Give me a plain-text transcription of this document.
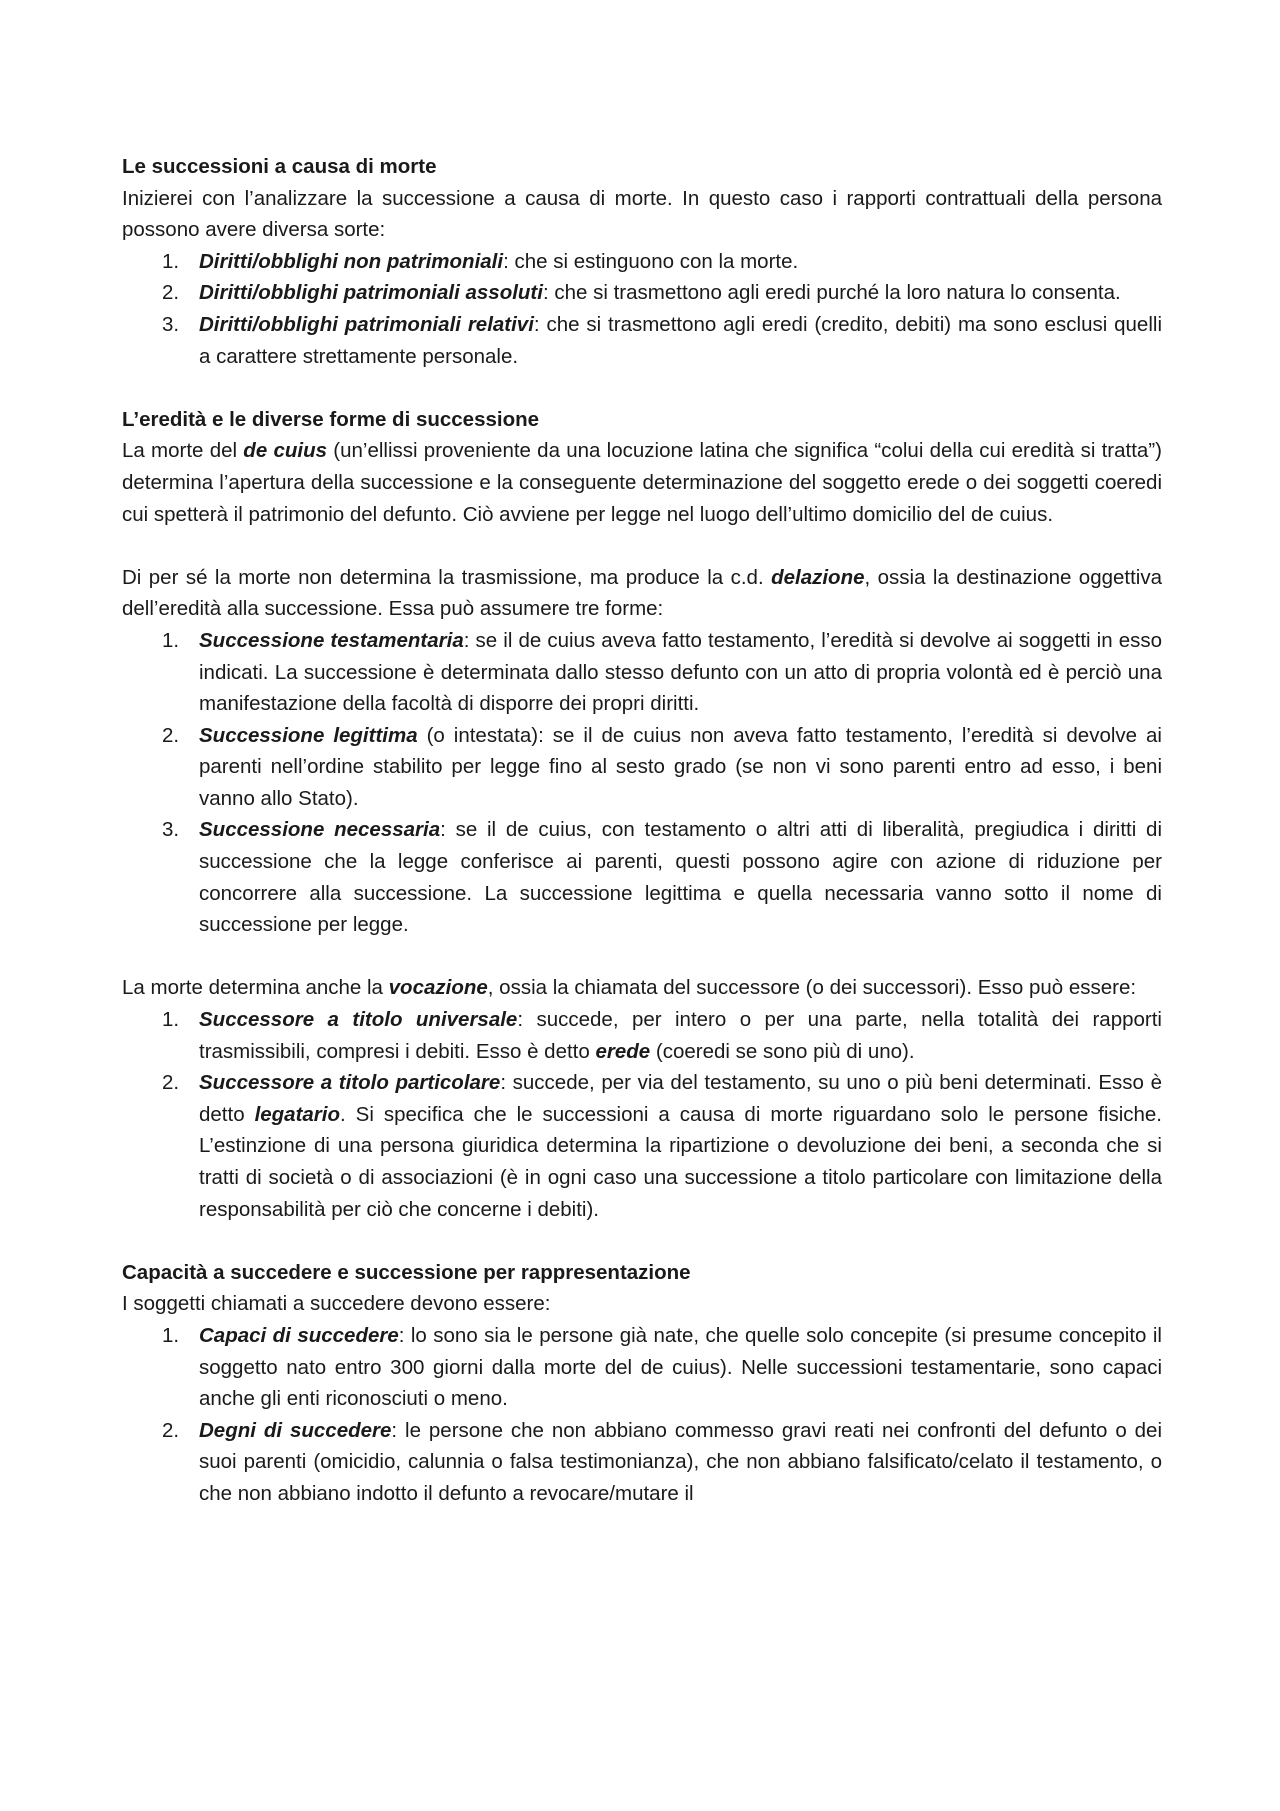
Le successioni a causa di morte

Inizierei con l’analizzare la successione a causa di morte. In questo caso i rapporti contrattuali della persona possono avere diversa sorte:

1. Diritti/obblighi non patrimoniali: che si estinguono con la morte.
2. Diritti/obblighi patrimoniali assoluti: che si trasmettono agli eredi purché la loro natura lo consenta.
3. Diritti/obblighi patrimoniali relativi: che si trasmettono agli eredi (credito, debiti) ma sono esclusi quelli a carattere strettamente personale.

L’eredità e le diverse forme di successione

La morte del de cuius (un’ellissi proveniente da una locuzione latina che significa “colui della cui eredità si tratta”) determina l’apertura della successione e la conseguente determinazione del soggetto erede o dei soggetti coeredi cui spetterà il patrimonio del defunto. Ciò avviene per legge nel luogo dell’ultimo domicilio del de cuius.

Di per sé la morte non determina la trasmissione, ma produce la c.d. delazione, ossia la destinazione oggettiva dell’eredità alla successione. Essa può assumere tre forme:

1. Successione testamentaria: se il de cuius aveva fatto testamento, l’eredità si devolve ai soggetti in esso indicati. La successione è determinata dallo stesso defunto con un atto di propria volontà ed è perciò una manifestazione della facoltà di disporre dei propri diritti.
2. Successione legittima (o intestata): se il de cuius non aveva fatto testamento, l’eredità si devolve ai parenti nell’ordine stabilito per legge fino al sesto grado (se non vi sono parenti entro ad esso, i beni vanno allo Stato).
3. Successione necessaria: se il de cuius, con testamento o altri atti di liberalità, pregiudica i diritti di successione che la legge conferisce ai parenti, questi possono agire con azione di riduzione per concorrere alla successione. La successione legittima e quella necessaria vanno sotto il nome di successione per legge.

La morte determina anche la vocazione, ossia la chiamata del successore (o dei successori). Esso può essere:

1. Successore a titolo universale: succede, per intero o per una parte, nella totalità dei rapporti trasmissibili, compresi i debiti. Esso è detto erede (coeredi se sono più di uno).
2. Successore a titolo particolare: succede, per via del testamento, su uno o più beni determinati. Esso è detto legatario. Si specifica che le successioni a causa di morte riguardano solo le persone fisiche. L’estinzione di una persona giuridica determina la ripartizione o devoluzione dei beni, a seconda che si tratti di società o di associazioni (è in ogni caso una successione a titolo particolare con limitazione della responsabilità per ciò che concerne i debiti).

Capacità a succedere e successione per rappresentazione

I soggetti chiamati a succedere devono essere:

1. Capaci di succedere: lo sono sia le persone già nate, che quelle solo concepite (si presume concepito il soggetto nato entro 300 giorni dalla morte del de cuius). Nelle successioni testamentarie, sono capaci anche gli enti riconosciuti o meno.
2. Degni di succedere: le persone che non abbiano commesso gravi reati nei confronti del defunto o dei suoi parenti (omicidio, calunnia o falsa testimonianza), che non abbiano falsificato/celato il testamento, o che non abbiano indotto il defunto a revocare/mutare il
